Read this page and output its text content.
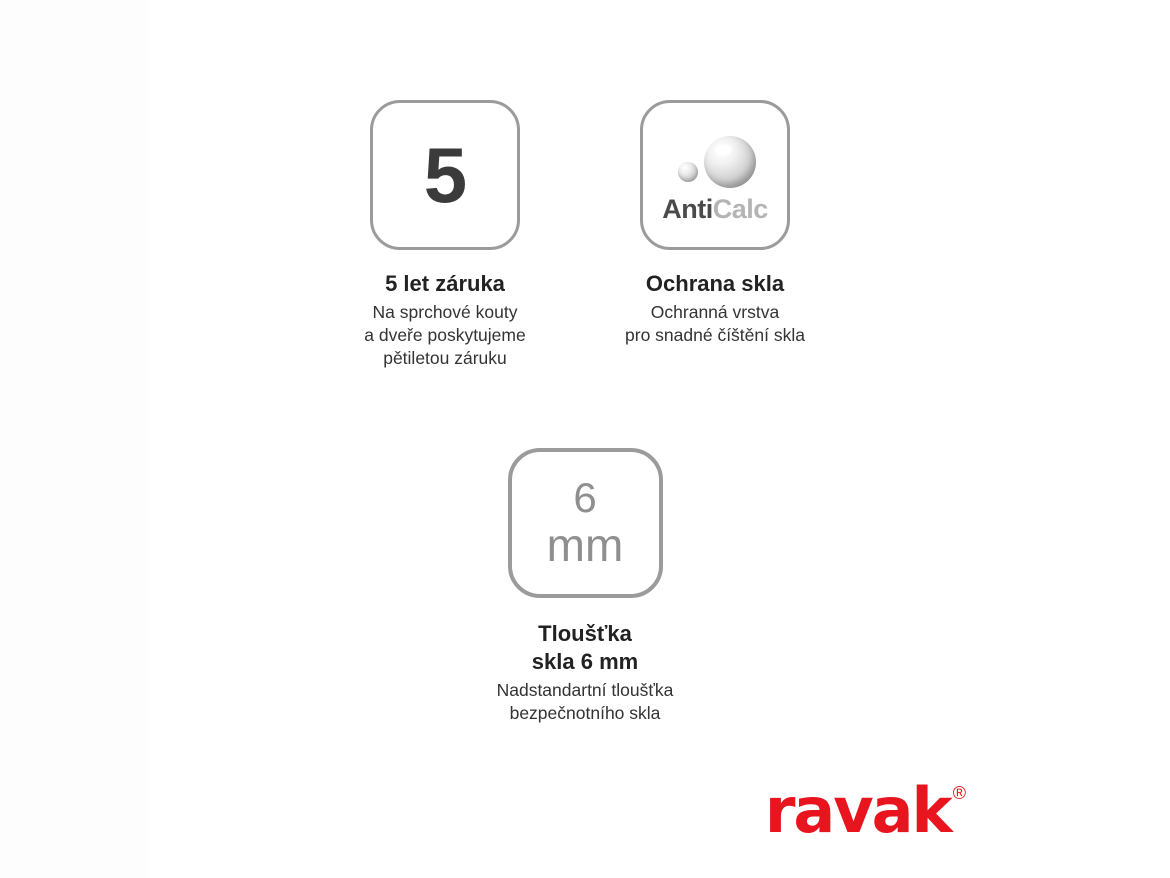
5
5 let záruka
Na sprchové kouty
a dveře poskytujeme
pětiletou záruku
AntiCalc
Ochrana skla
Ochranná vrstva
pro snadné číštění skla
6
mm
Tloušťka
skla 6 mm
Nadstandartní tloušťka
bezpečnotního skla
ravak ®
